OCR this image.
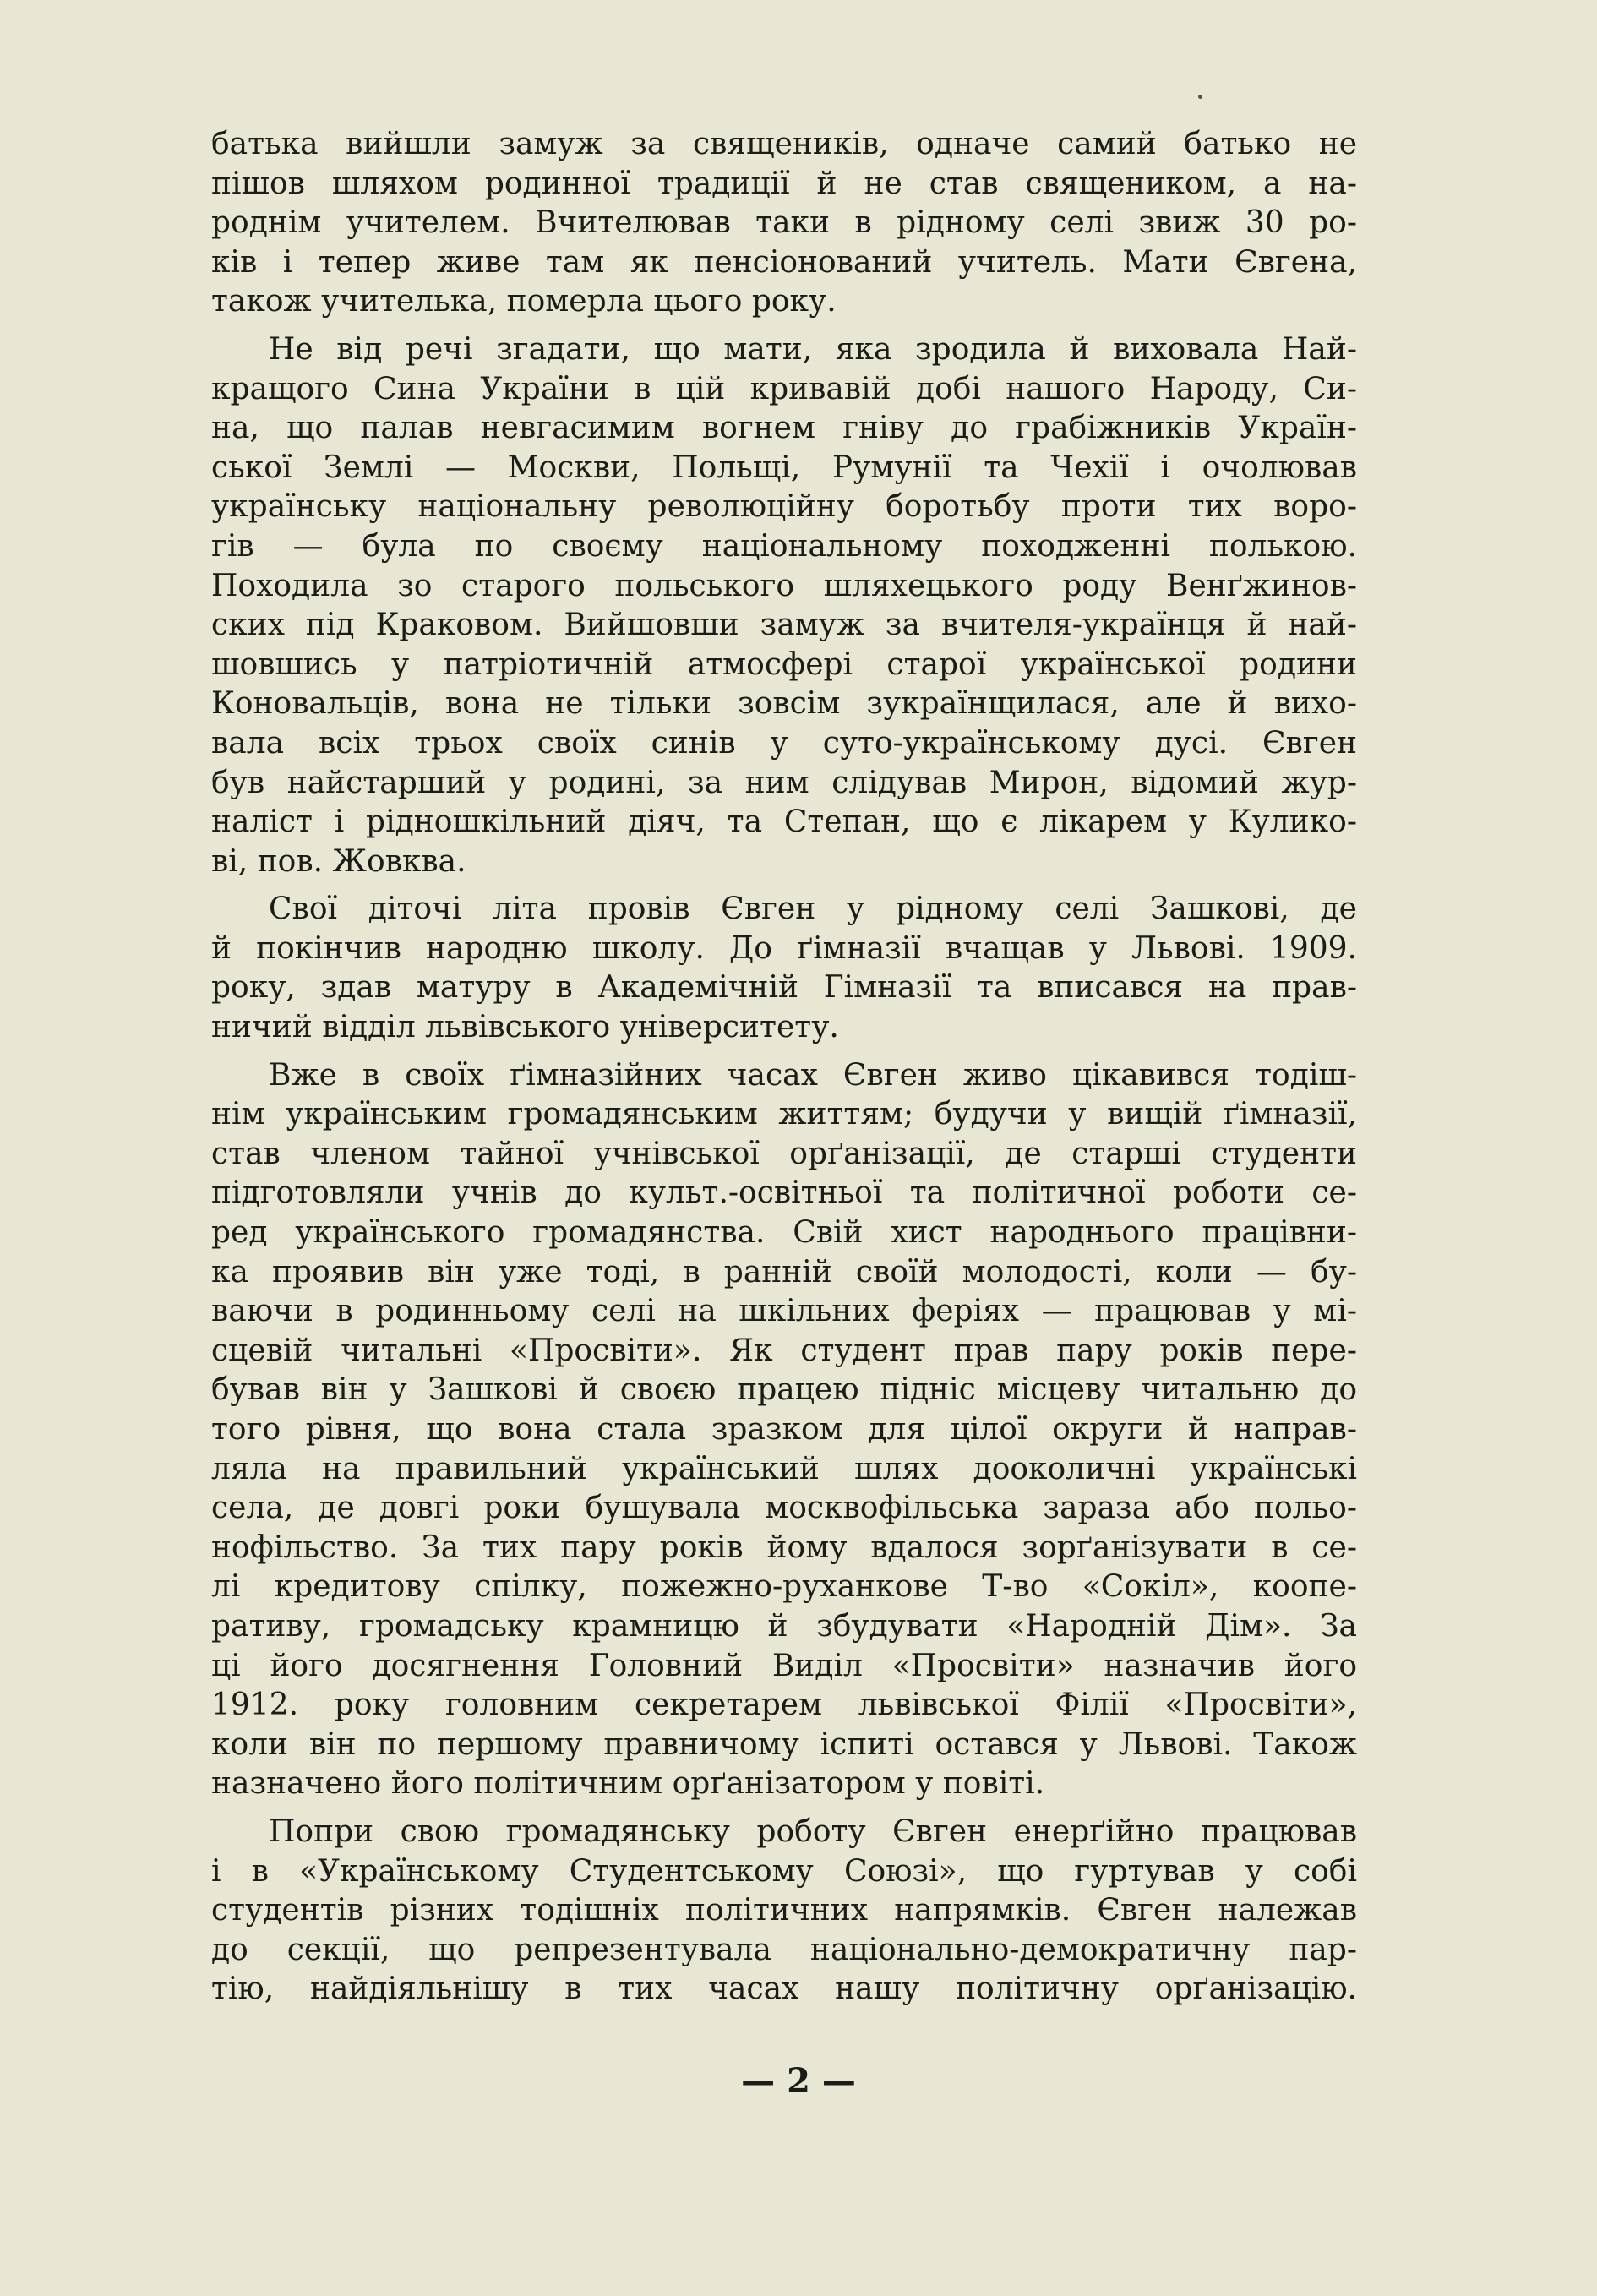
батька вийшли замуж за священиків, одначе самий батько не
пішов шляхом родинної традиції й не став священиком, а на-
роднім учителем. Вчителював таки в рідному селі звиж 30 ро-
ків і тепер живе там як пенсіонований учитель. Мати Євгена,
також учителька, померла цього року.
Не від речі згадати, що мати, яка зродила й виховала Най-
кращого Сина України в цій кривавій добі нашого Народу, Си-
на, що палав невгасимим вогнем гніву до грабіжників Україн-
ської Землі — Москви, Польщі, Румунії та Чехії і очолював
українську національну революційну боротьбу проти тих воро-
гів — була по своєму національному походженні полькою.
Походила зо старого польського шляхецького роду Венґжинов-
ских під Краковом. Вийшовши замуж за вчителя-українця й най-
шовшись у патріотичній атмосфері старої української родини
Коновальців, вона не тільки зовсім зукраїнщилася, але й вихо-
вала всіх трьох своїх синів у суто-українському дусі. Євген
був найстарший у родині, за ним слідував Мирон, відомий жур-
наліст і рідношкільний діяч, та Степан, що є лікарем у Кулико-
ві, пов. Жовква.
Свої діточі літа провів Євген у рідному селі Зашкові, де
й покінчив народню школу. До ґімназії вчащав у Львові. 1909.
року, здав матуру в Академічній Гімназії та вписався на прав-
ничий відділ львівського університету.
Вже в своїх ґімназійних часах Євген живо цікавився тодіш-
нім українським громадянським життям; будучи у вищій ґімназії,
став членом тайної учнівської орґанізації, де старші студенти
підготовляли учнів до культ.-освітньої та політичної роботи се-
ред українського громадянства. Свій хист народнього працівни-
ка проявив він уже тоді, в ранній своїй молодості, коли — бу-
ваючи в родинньому селі на шкільних феріях — працював у мі-
сцевій читальні «Просвіти». Як студент прав пару років пере-
бував він у Зашкові й своєю працею підніс місцеву читальню до
того рівня, що вона стала зразком для цілої округи й направ-
ляла на правильний український шлях дооколичні українські
села, де довгі роки бушувала москвофільська зараза або польо-
нофільство. За тих пару років йому вдалося зорґанізувати в се-
лі кредитову спілку, пожежно-руханкове Т-во «Сокіл», коопе-
ративу, громадську крамницю й збудувати «Народній Дім». За
ці його досягнення Головний Виділ «Просвіти» назначив його
1912. року головним секретарем львівської Філії «Просвіти»,
коли він по першому правничому іспиті остався у Львові. Також
назначено його політичним орґанізатором у повіті.
Попри свою громадянську роботу Євген енерґійно працював
і в «Українському Студентському Союзі», що гуртував у собі
студентів різних тодішніх політичних напрямків. Євген належав
до секції, що репрезентувала національно-демократичну пар-
тію, найдіяльнішу в тих часах нашу політичну орґанізацію.
— 2 —
